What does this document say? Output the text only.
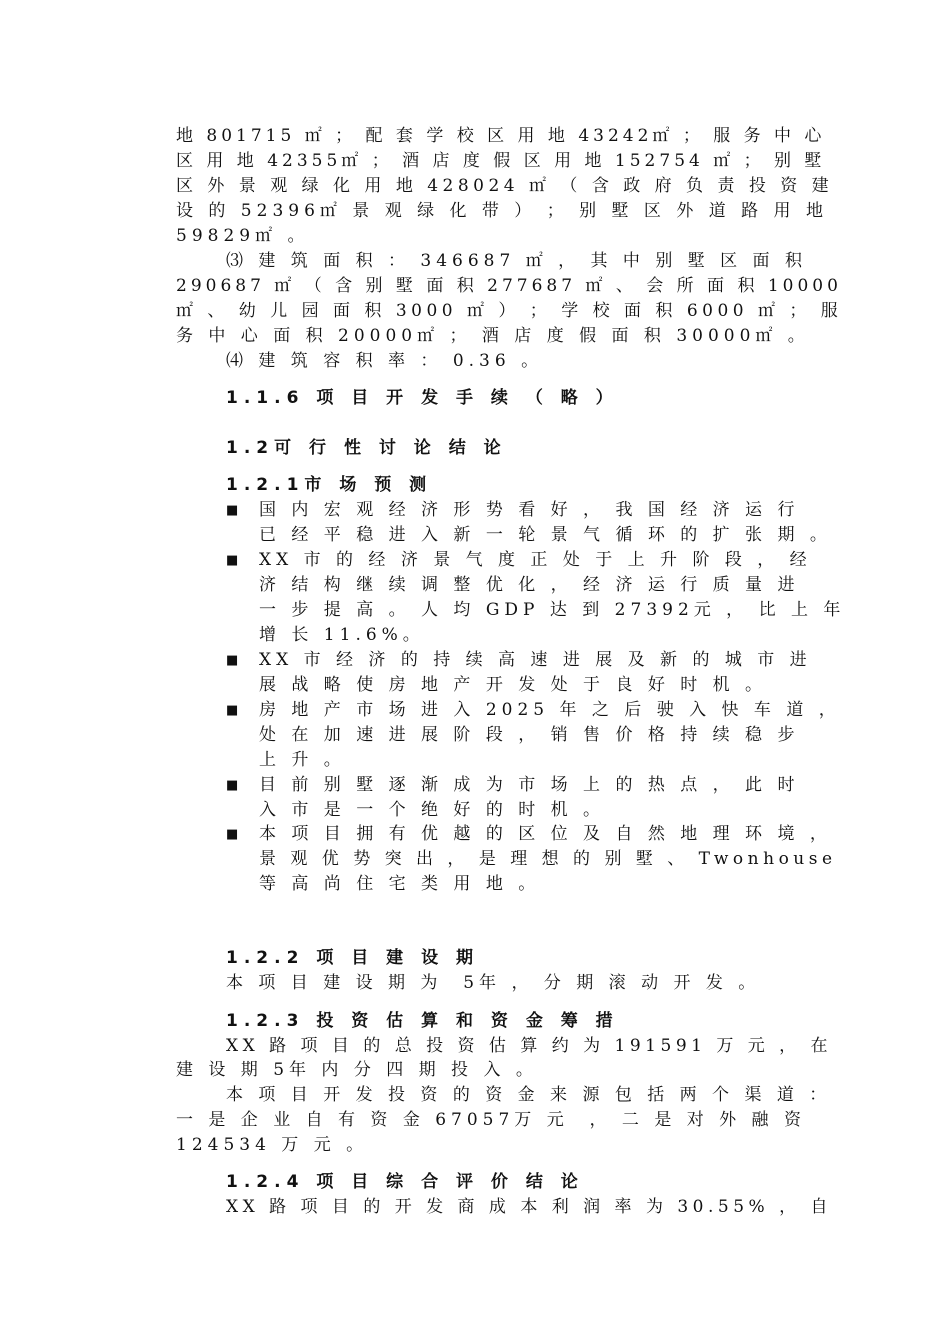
地 801715 ㎡ ； 配 套 学 校 区 用 地 43242㎡ ； 服 务 中 心
区 用 地 42355㎡ ； 酒 店 度 假 区 用 地 152754 ㎡ ； 别 墅
区 外 景 观 绿 化 用 地 428024 ㎡ （ 含 政 府 负 责 投 资 建
设 的 52396㎡ 景 观 绿 化 带 ） ； 别 墅 区 外 道 路 用 地
59829㎡ 。
⑶ 建 筑 面 积 ： 346687 ㎡ ， 其 中 别 墅 区 面 积
290687 ㎡ （ 含 别 墅 面 积 277687 ㎡ 、 会 所 面 积 10000
㎡ 、 幼 儿 园 面 积 3000 ㎡ ） ； 学 校 面 积 6000 ㎡ ； 服
务 中 心 面 积 20000㎡ ； 酒 店 度 假 面 积 30000㎡ 。
⑷ 建 筑 容 积 率 ： 0.36 。
1.1.6 项 目 开 发 手 续 （ 略 ）
1.2可 行 性 讨 论 结 论
1.2.1市 场 预 测
■ 国 内 宏 观 经 济 形 势 看 好 ， 我 国 经 济 运 行
已 经 平 稳 进 入 新 一 轮 景 气 循 环 的 扩 张 期 。
■ XX 市 的 经 济 景 气 度 正 处 于 上 升 阶 段 ， 经
济 结 构 继 续 调 整 优 化 ， 经 济 运 行 质 量 进
一 步 提 高 。 人 均 GDP 达 到 27392元 ， 比 上 年
增 长 11.6%。
■ XX 市 经 济 的 持 续 高 速 进 展 及 新 的 城 市 进
展 战 略 使 房 地 产 开 发 处 于 良 好 时 机 。
■ 房 地 产 市 场 进 入 2025 年 之 后 驶 入 快 车 道 ，
处 在 加 速 进 展 阶 段 ， 销 售 价 格 持 续 稳 步
上 升 。
■ 目 前 别 墅 逐 渐 成 为 市 场 上 的 热 点 ， 此 时
入 市 是 一 个 绝 好 的 时 机 。
■ 本 项 目 拥 有 优 越 的 区 位 及 自 然 地 理 环 境 ，
景 观 优 势 突 出 ， 是 理 想 的 别 墅 、 Twonhouse
等 高 尚 住 宅 类 用 地 。
1.2.2 项 目 建 设 期
本 项 目 建 设 期 为  5年 ， 分 期 滚 动 开 发 。
1.2.3 投 资 估 算 和 资 金 筹 措
XX 路 项 目 的 总 投 资 估 算 约 为 191591 万 元 ， 在
建 设 期 5年 内 分 四 期 投 入 。
本 项 目 开 发 投 资 的 资 金 来 源 包 括 两 个 渠 道 ：
一 是 企 业 自 有 资 金 67057万 元  ， 二 是 对 外 融 资
124534 万 元 。
1.2.4 项 目 综 合 评 价 结 论
XX 路 项 目 的 开 发 商 成 本 利 润 率 为 30.55% ， 自
